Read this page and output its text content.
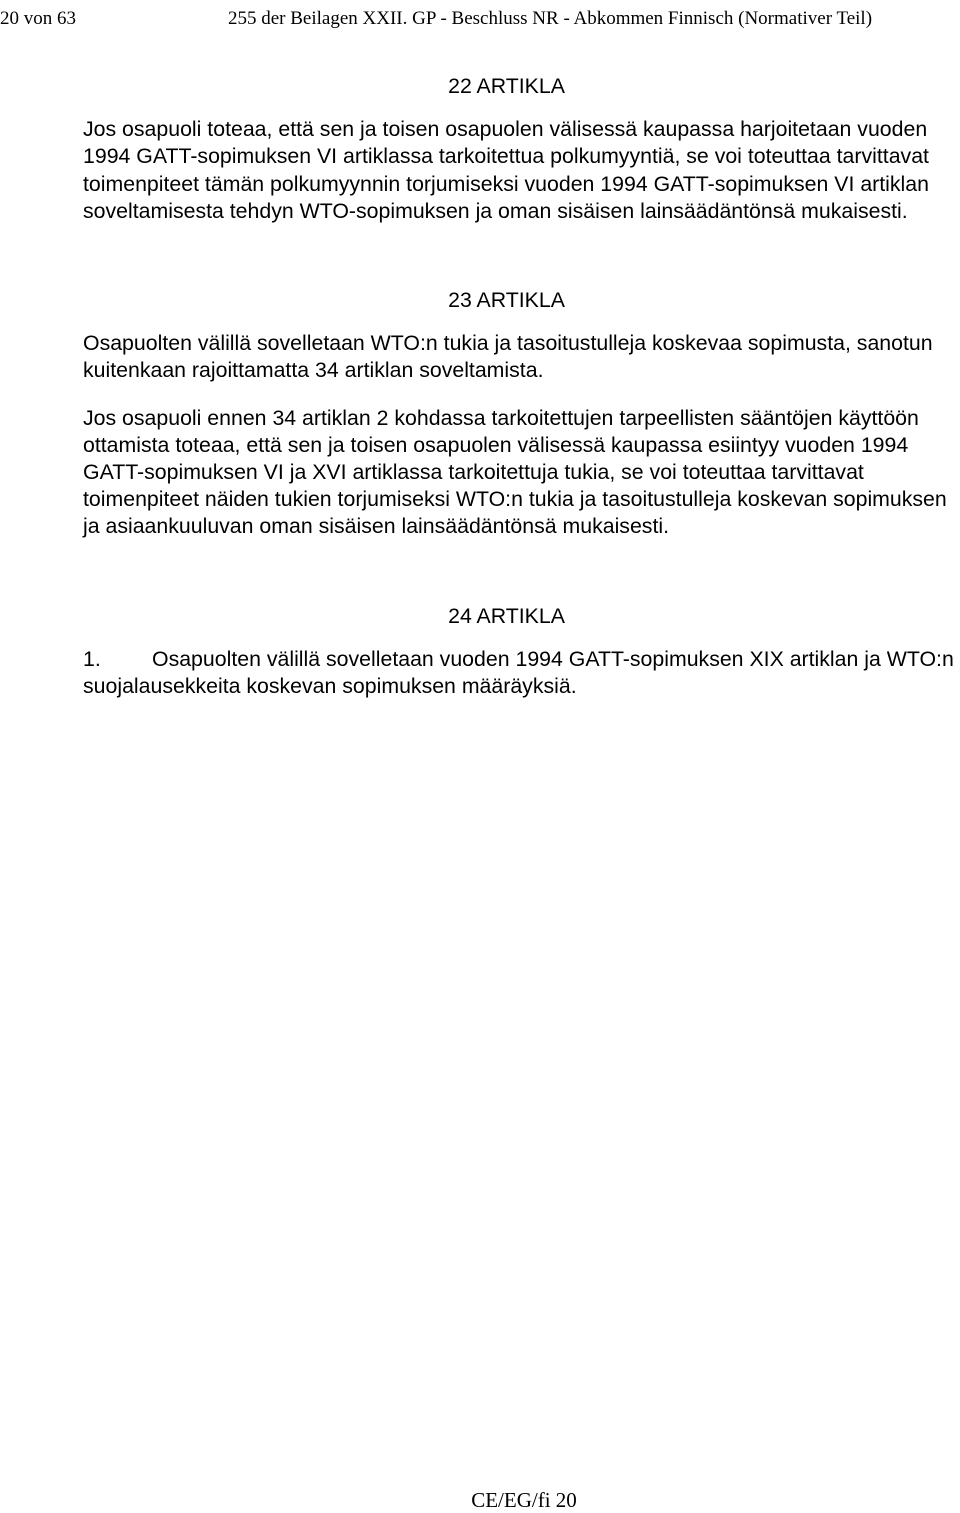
20 von 63	255 der Beilagen XXII. GP - Beschluss NR - Abkommen Finnisch (Normativer Teil)
22 ARTIKLA

Jos osapuoli toteaa, että sen ja toisen osapuolen välisessä kaupassa harjoitetaan vuoden 1994 GATT-sopimuksen VI artiklassa tarkoitettua polkumyyntiä, se voi toteuttaa tarvittavat toimenpiteet tämän polkumyynnin torjumiseksi vuoden 1994 GATT-sopimuksen VI artiklan soveltamisesta tehdyn WTO-sopimuksen ja oman sisäisen lainsäädäntönsä mukaisesti.

23 ARTIKLA

Osapuolten välillä sovelletaan WTO:n tukia ja tasoitustulleja koskevaa sopimusta, sanotun kuitenkaan rajoittamatta 34 artiklan soveltamista.

Jos osapuoli ennen 34 artiklan 2 kohdassa tarkoitettujen tarpeellisten sääntöjen käyttöön ottamista toteaa, että sen ja toisen osapuolen välisessä kaupassa esiintyy vuoden 1994

GATT-sopimuksen VI ja XVI artiklassa tarkoitettuja tukia, se voi toteuttaa tarvittavat toimenpiteet näiden tukien torjumiseksi WTO:n tukia ja tasoitustulleja koskevan sopimuksen ja asiaankuuluvan oman sisäisen lainsäädäntönsä mukaisesti.

24 ARTIKLA

1. Osapuolten välillä sovelletaan vuoden 1994 GATT-sopimuksen XIX artiklan ja WTO:n suojalausekkeita koskevan sopimuksen määräyksiä.

CE/EG/fi 20
